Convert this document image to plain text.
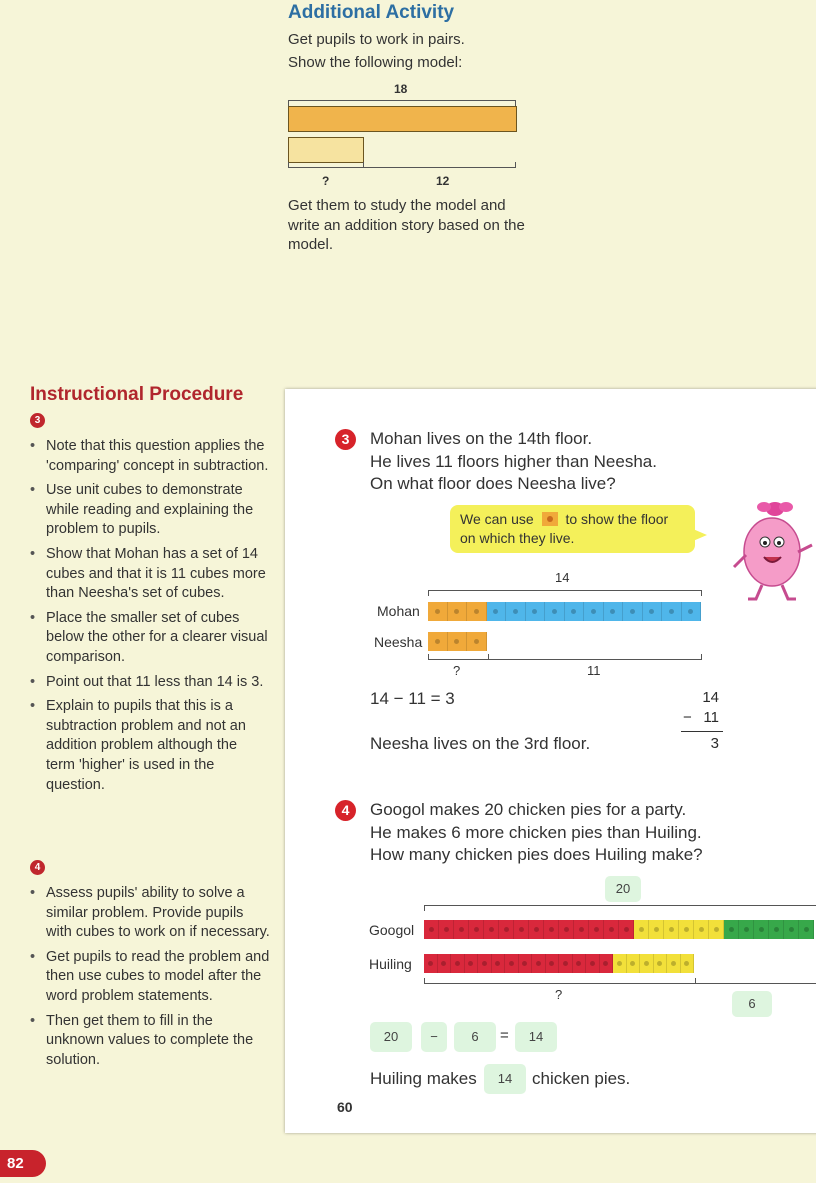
Additional Activity
Get pupils to work in pairs.
Show the following model:
18
?	12
Get them to study the model and write an addition story based on the model.
Instructional Procedure
3
• Note that this question applies the 'comparing' concept in subtraction.
• Use unit cubes to demonstrate while reading and explaining the problem to pupils.
• Show that Mohan has a set of 14 cubes and that it is 11 cubes more than Neesha's set of cubes.
• Place the smaller set of cubes below the other for a clearer visual comparison.
• Point out that 11 less than 14 is 3.
• Explain to pupils that this is a subtraction problem and not an addition problem although the term 'higher' is used in the question.
4
• Assess pupils' ability to solve a similar problem. Provide pupils with cubes to work on if necessary.
• Get pupils to read the problem and then use cubes to model after the word problem statements.
• Then get them to fill in the unknown values to complete the solution.
82
3	Mohan lives on the 14th floor.
He lives 11 floors higher than Neesha.
On what floor does Neesha live?
We can use to show the floor on which they live.
14
Mohan
Neesha
?	11
14 − 11 = 3
Neesha lives on the 3rd floor.
14
− 11
3
4	Googol makes 20 chicken pies for a party.
He makes 6 more chicken pies than Huiling.
How many chicken pies does Huiling make?
20
Googol
Huiling
?
6
20	−	6	=	14
Huiling makes	14	chicken pies.
60
